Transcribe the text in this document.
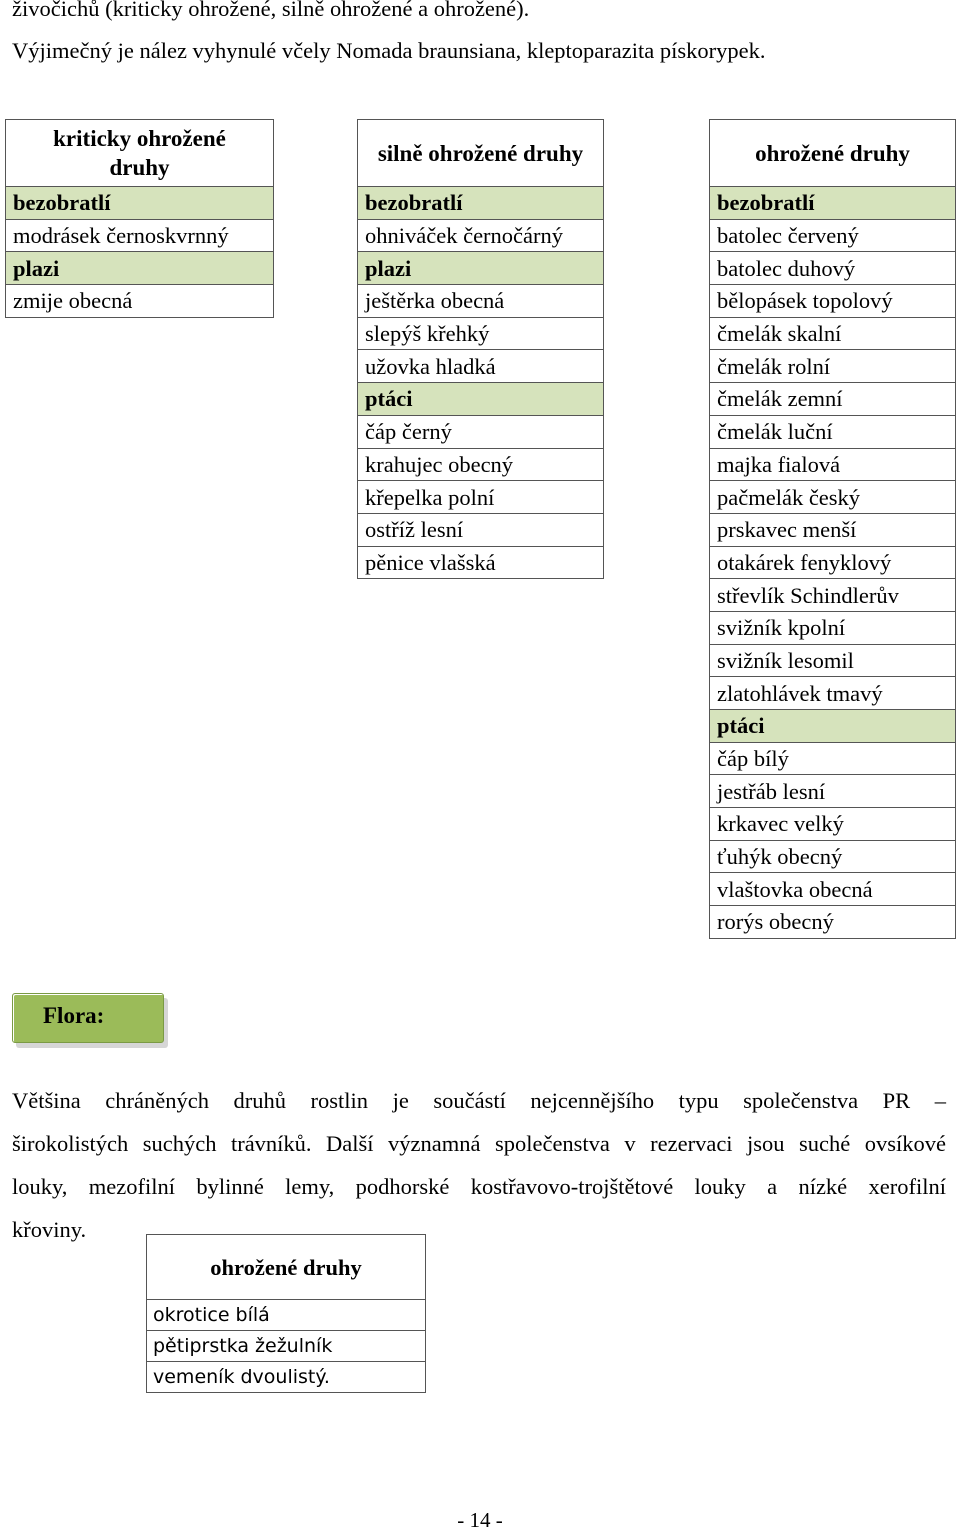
živočichů (kriticky ohrožené, silně ohrožené a ohrožené).
Výjimečný je nález vyhynulé včely Nomada braunsiana, kleptoparazita pískorypek.
kriticky ohrožené
druhy
bezobratlí
modrásek černoskvrnný
plazi
zmije obecná
silně ohrožené druhy
bezobratlí
ohniváček černočárný
plazi
ještěrka obecná
slepýš křehký
užovka hladká
ptáci
čáp černý
krahujec obecný
křepelka polní
ostříž lesní
pěnice vlašská
ohrožené druhy
bezobratlí
batolec červený
batolec duhový
bělopásek topolový
čmelák skalní
čmelák rolní
čmelák zemní
čmelák luční
majka fialová
pačmelák český
prskavec menší
otakárek fenyklový
střevlík Schindlerův
svižník kpolní
svižník lesomil
zlatohlávek tmavý
ptáci
čáp bílý
jestřáb lesní
krkavec velký
ťuhýk obecný
vlaštovka obecná
rorýs obecný
Flora:
Většina chráněných druhů rostlin je součástí nejcennějšího typu společenstva PR –
širokolistých suchých trávníků. Další významná společenstva v rezervaci jsou suché ovsíkové
louky, mezofilní bylinné lemy, podhorské kostřavovo-trojštětové louky a nízké xerofilní
křoviny.
ohrožené druhy
okrotice bílá
pětiprstka žežulník
vemeník dvoulistý.
- 14 -
